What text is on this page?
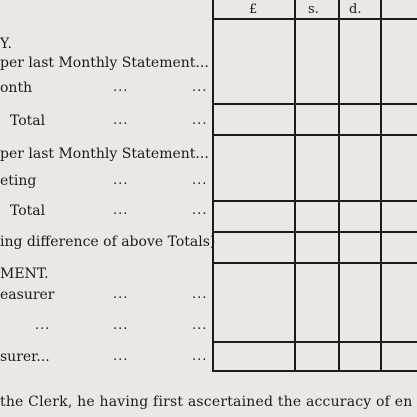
£	s. d.
Y.
per last Monthly Statement...
onth	...	...
Total	...	...
per last Monthly Statement...
eting	...	...
Total	...	...
ing difference of above Totals)
MENT.
easurer	...	...
...	...	...
surer...	...	...
the Clerk, he having first ascertained the accuracy of en
